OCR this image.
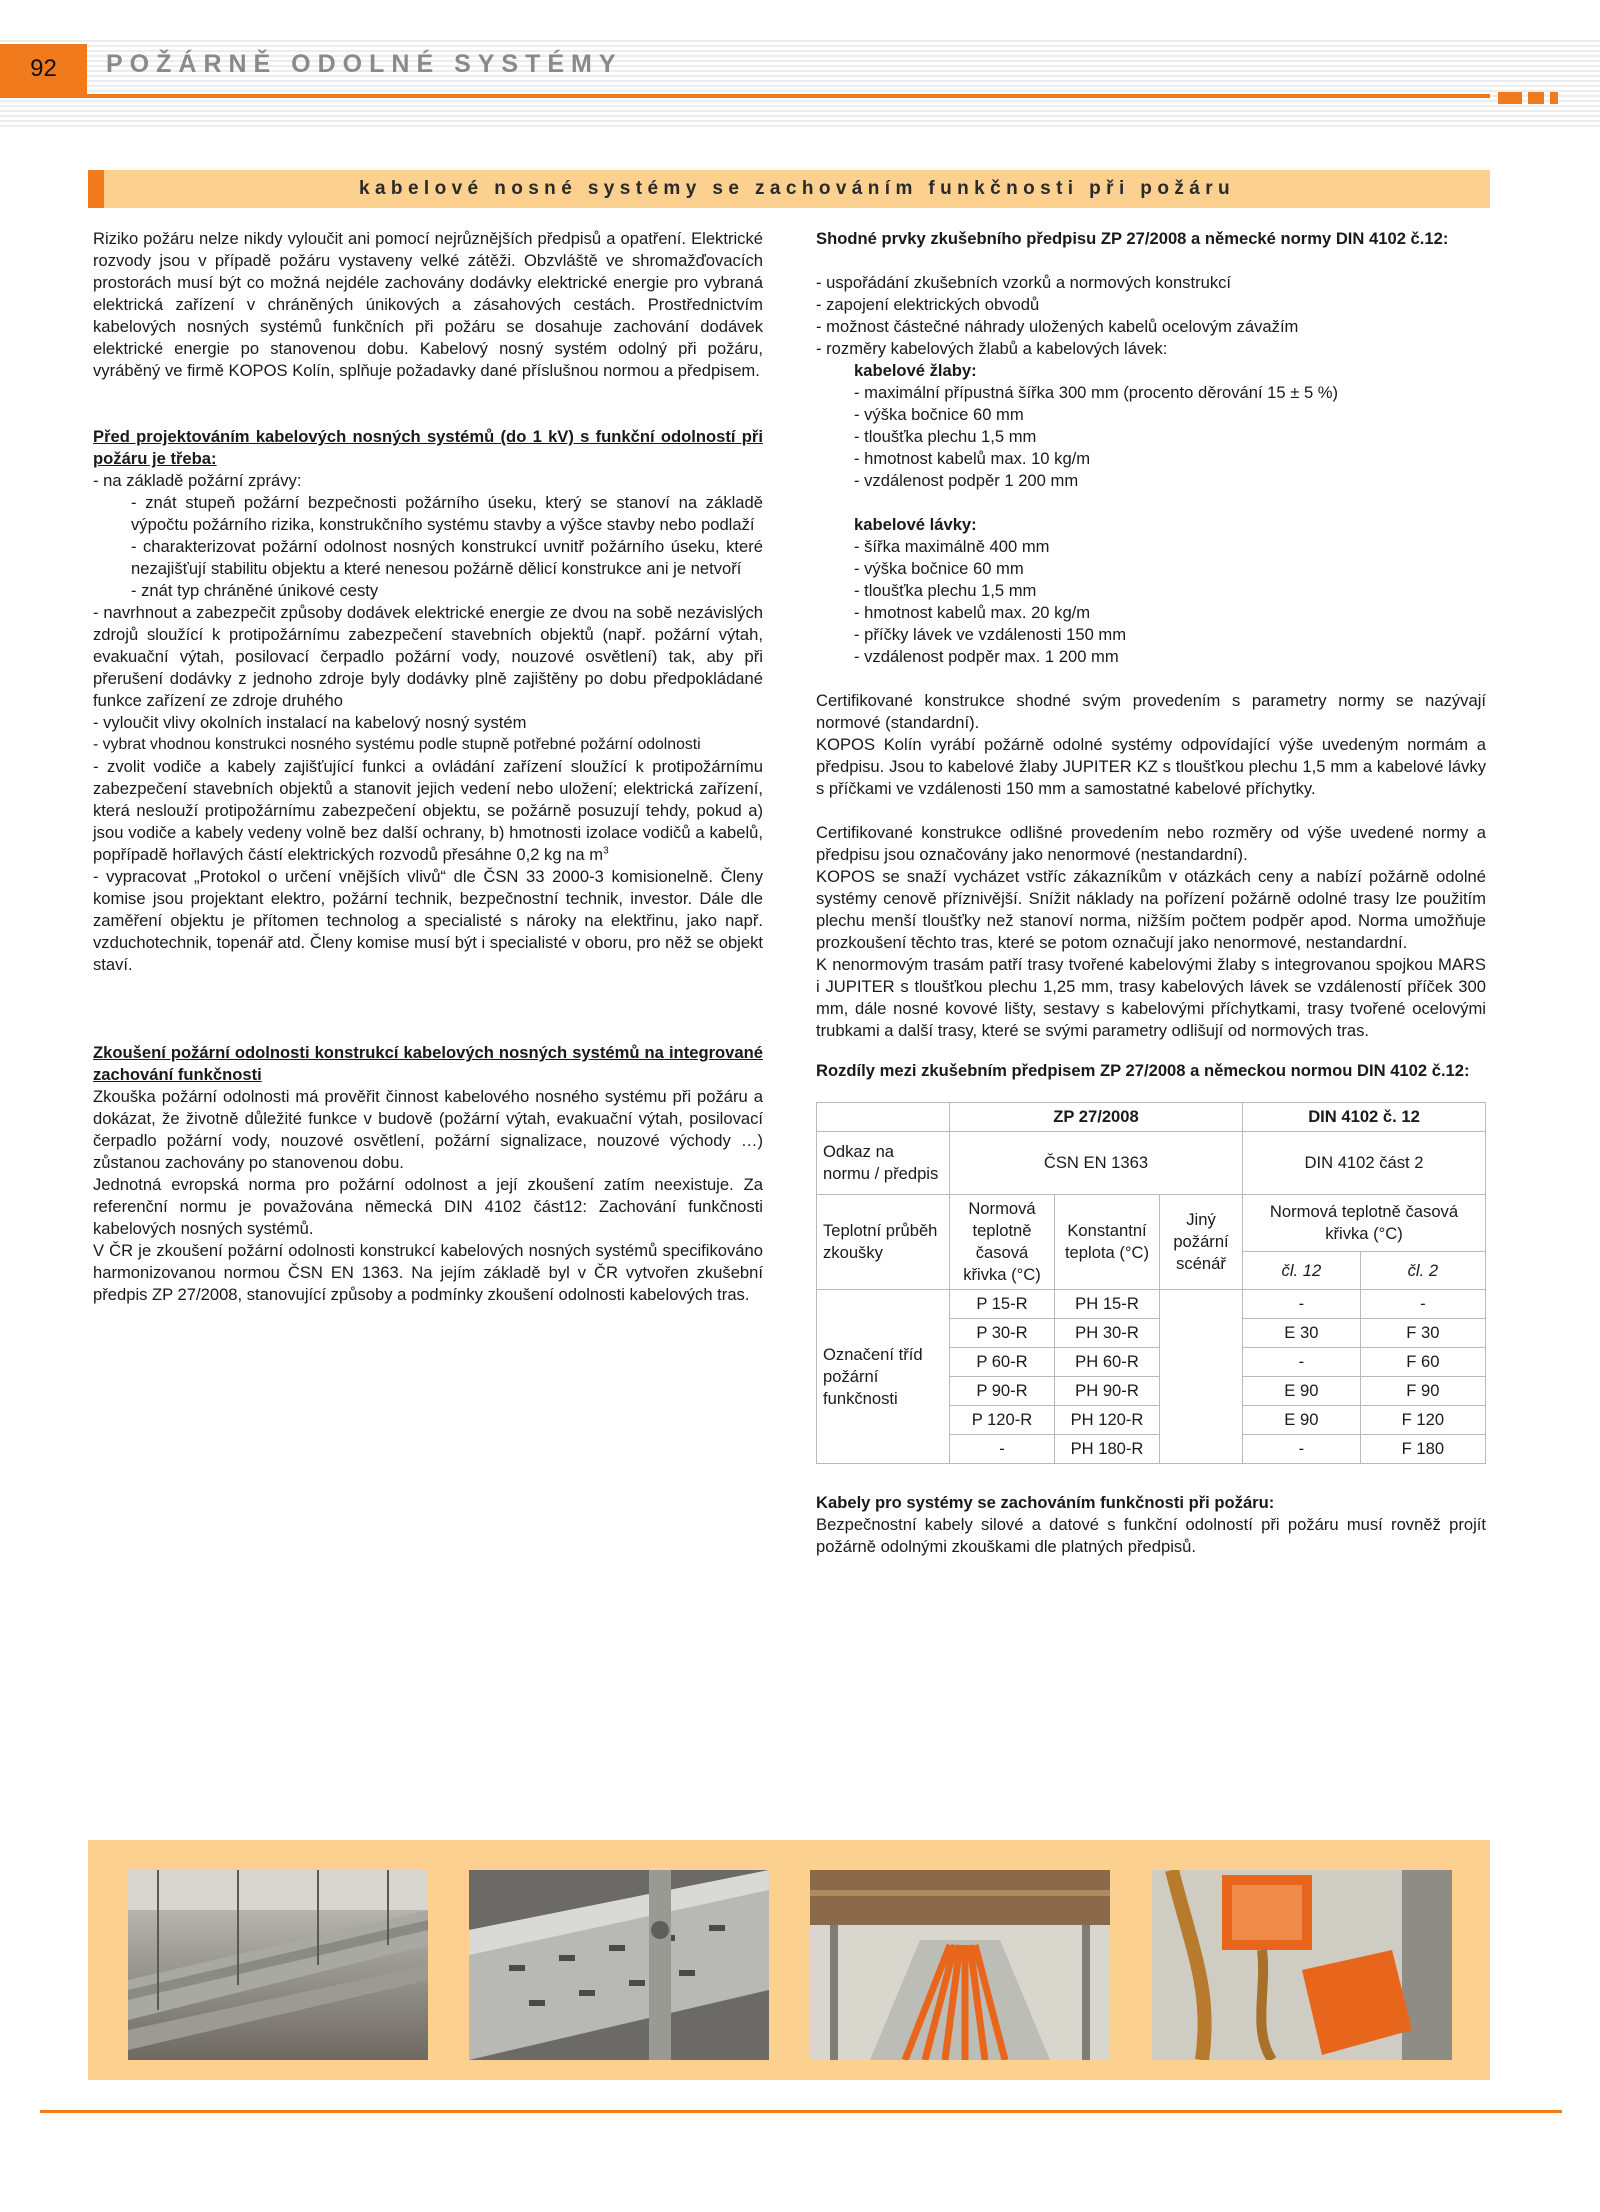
92	POŽÁRNĚ ODOLNÉ SYSTÉMY
kabelové nosné systémy se zachováním funkčnosti při požáru

Riziko požáru nelze nikdy vyloučit ani pomocí nejrůznějších předpisů a opatření. Elektrické rozvody jsou v případě požáru vystaveny velké zátěži. Obzvláště ve shromažďovacích prostorách musí být co možná nejdéle zachovány dodávky elektrické energie pro vybraná elektrická zařízení v chráněných únikových a zásahových cestách. Prostřednictvím kabelových nosných systémů funkčních při požáru se dosahuje zachování dodávek elektrické energie po stanovenou dobu. Kabelový nosný systém odolný při požáru, vyráběný ve firmě KOPOS Kolín, splňuje požadavky dané příslušnou normou a předpisem.

Před projektováním kabelových nosných systémů (do 1 kV) s funkční odolností při požáru je třeba:

- na základě požární zprávy:

- znát stupeň požární bezpečnosti požárního úseku, který se stanoví na základě výpočtu požárního rizika, konstrukčního systému stavby a výšce stavby nebo podlaží

- charakterizovat požární odolnost nosných konstrukcí uvnitř požárního úseku, které nezajišťují stabilitu objektu a které nenesou požárně dělicí konstrukce ani je netvoří

- znát typ chráněné únikové cesty

- navrhnout a zabezpečit způsoby dodávek elektrické energie ze dvou na sobě nezávislých zdrojů sloužící k protipožárnímu zabezpečení stavebních objektů (např. požární výtah, evakuační výtah, posilovací čerpadlo požární vody, nouzové osvětlení) tak, aby při přerušení dodávky z jednoho zdroje byly dodávky plně zajištěny po dobu předpokládané funkce zařízení ze zdroje druhého

- vyloučit vlivy okolních instalací na kabelový nosný systém

- vybrat vhodnou konstrukci nosného systému podle stupně potřebné požární odolnosti

- zvolit vodiče a kabely zajišťující funkci a ovládání zařízení sloužící k protipožárnímu zabezpečení stavebních objektů a stanovit jejich vedení nebo uložení; elektrická zařízení, která neslouží protipožárnímu zabezpečení objektu, se požárně posuzují tehdy, pokud a) jsou vodiče a kabely vedeny volně bez další ochrany, b) hmotnosti izolace vodičů a kabelů, popřípadě hořlavých částí elektrických rozvodů přesáhne 0,2 kg na $m^3$

- vypracovat „Protokol o určení vnějších vlivů“ dle ČSN 33 2000-3 komisionelně. Členy komise jsou projektant elektro, požární technik, bezpečnostní technik, investor. Dále dle zaměření objektu je přítomen technolog a specialisté s nároky na elektřinu, jako např. vzduchotechnik, topenář atd. Členy komise musí být i specialisté v oboru, pro něž se objekt staví.

Zkoušení požární odolnosti konstrukcí kabelových nosných systémů na integrované zachování funkčnosti

Zkouška požární odolnosti má prověřit činnost kabelového nosného systému při požáru a dokázat, že životně důležité funkce v budově (požární výtah, evakuační výtah, posilovací čerpadlo požární vody, nouzové osvětlení, požární signalizace, nouzové východy …) zůstanou zachovány po stanovenou dobu.

Jednotná evropská norma pro požární odolnost a její zkoušení zatím neexistuje. Za referenční normu je považována německá DIN 4102 část12: Zachování funkčnosti kabelových nosných systémů.

V ČR je zkoušení požární odolnosti konstrukcí kabelových nosných systémů specifikováno harmonizovanou normou ČSN EN 1363. Na jejím základě byl v ČR vytvořen zkušební předpis ZP 27/2008, stanovující způsoby a podmínky zkoušení odolnosti kabelových tras.

Shodné prvky zkušebního předpisu ZP 27/2008 a německé normy DIN 4102 č.12:

- uspořádání zkušebních vzorků a normových konstrukcí

- zapojení elektrických obvodů

- možnost částečné náhrady uložených kabelů ocelovým závažím

- rozměry kabelových žlabů a kabelových lávek:

kabelové žlaby:

- maximální přípustná šířka 300 mm (procento děrování 15 ± 5 %)

- výška bočnice 60 mm

- tloušťka plechu 1,5 mm

- hmotnost kabelů max. 10 kg/m

- vzdálenost podpěr 1 200 mm

kabelové lávky:

- šířka maximálně 400 mm

- výška bočnice 60 mm

- tloušťka plechu 1,5 mm

- hmotnost kabelů max. 20 kg/m

- příčky lávek ve vzdálenosti 150 mm

- vzdálenost podpěr max. 1 200 mm

Certifikované konstrukce shodné svým provedením s parametry normy se nazývají normové (standardní).

KOPOS Kolín vyrábí požárně odolné systémy odpovídající výše uvedeným normám a předpisu. Jsou to kabelové žlaby JUPITER KZ s tloušťkou plechu 1,5 mm a kabelové lávky s příčkami ve vzdálenosti 150 mm a samostatné kabelové příchytky.

Certifikované konstrukce odlišné provedením nebo rozměry od výše uvedené normy a předpisu jsou označovány jako nenormové (nestandardní).

KOPOS se snaží vycházet vstříc zákazníkům v otázkách ceny a nabízí požárně odolné systémy cenově příznivější. Snížit náklady na pořízení požárně odolné trasy lze použitím plechu menší tloušťky než stanoví norma, nižším počtem podpěr apod. Norma umožňuje prozkoušení těchto tras, které se potom označují jako nenormové, nestandardní.

K nenormovým trasám patří trasy tvořené kabelovými žlaby s integrovanou spojkou MARS i JUPITER s tloušťkou plechu 1,25 mm, trasy kabelových lávek se vzdáleností příček 300 mm, dále nosné kovové lišty, sestavy s kabelovými příchytkami, trasy tvořené ocelovými trubkami a další trasy, které se svými parametry odlišují od normových tras.

Rozdíly mezi zkušebním předpisem ZP 27/2008 a německou normou DIN 4102 č.12:

	ZP 27/2008			DIN 4102 č. 12	
Odkaz na normu / předpis	ČSN EN 1363			DIN 4102 část 2	
Teplotní průběh zkoušky	Normová teplotně časová křivka (°C)	Konstantní teplota (°C)	Jiný požární scénář	Normová teplotně časová křivka (°C)	
				čl. 12	čl. 2
Označení tříd požární funkčnosti	P 15-R	PH 15-R		-	-
	P 30-R	PH 30-R		E 30	F 30
	P 60-R	PH 60-R		-	F 60
	P 90-R	PH 90-R		E 90	F 90
	P 120-R	PH 120-R		E 90	F 120
	-	PH 180-R		-	F 180

Kabely pro systémy se zachováním funkčnosti při požáru:

Bezpečnostní kabely silové a datové s funkční odolností při požáru musí rovněž projít požárně odolnými zkouškami dle platných předpisů.
